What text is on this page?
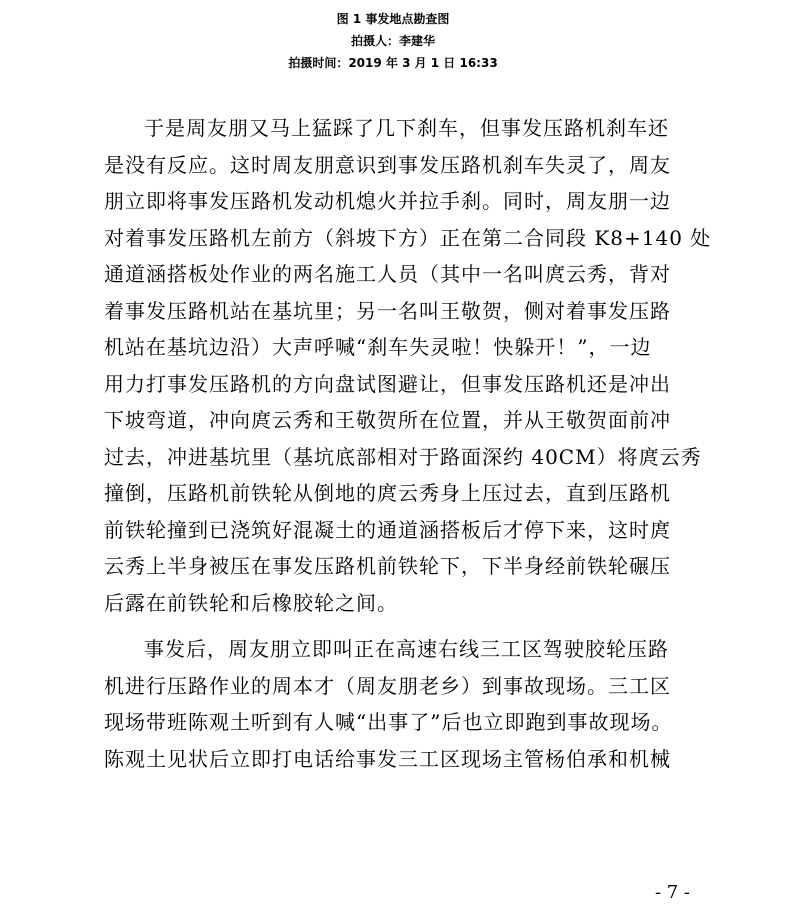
图 1 事发地点勘查图
拍摄人：李建华
拍摄时间：2019 年 3 月 1 日 16:33
于是周友朋又马上猛踩了几下刹车，但事发压路机刹车还
是没有反应。这时周友朋意识到事发压路机刹车失灵了，周友
朋立即将事发压路机发动机熄火并拉手刹。同时，周友朋一边
对着事发压路机左前方（斜坡下方）正在第二合同段 K8+140 处
通道涵搭板处作业的两名施工人员（其中一名叫庹云秀，背对
着事发压路机站在基坑里；另一名叫王敬贺，侧对着事发压路
机站在基坑边沿）大声呼喊“刹车失灵啦！快躲开！”，一边
用力打事发压路机的方向盘试图避让，但事发压路机还是冲出
下坡弯道，冲向庹云秀和王敬贺所在位置，并从王敬贺面前冲
过去，冲进基坑里（基坑底部相对于路面深约 40CM）将庹云秀
撞倒，压路机前铁轮从倒地的庹云秀身上压过去，直到压路机
前铁轮撞到已浇筑好混凝土的通道涵搭板后才停下来，这时庹
云秀上半身被压在事发压路机前铁轮下，下半身经前铁轮碾压
后露在前铁轮和后橡胶轮之间。
事发后，周友朋立即叫正在高速右线三工区驾驶胶轮压路
机进行压路作业的周本才（周友朋老乡）到事故现场。三工区
现场带班陈观土听到有人喊“出事了”后也立即跑到事故现场。
陈观土见状后立即打电话给事发三工区现场主管杨伯承和机械
- 7 -
